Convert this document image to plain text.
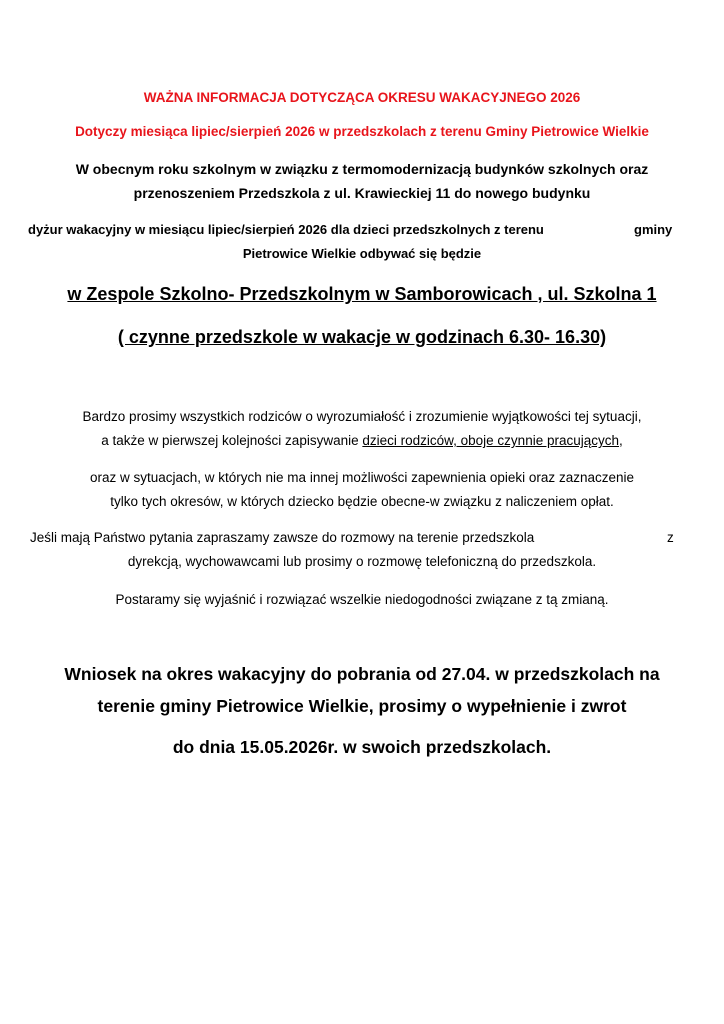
WAŻNA INFORMACJA DOTYCZĄCA OKRESU WAKACYJNEGO 2026
Dotyczy miesiąca lipiec/sierpień 2026 w przedszkolach z terenu Gminy Pietrowice Wielkie
W obecnym roku szkolnym w związku z termomodernizacją budynków szkolnych oraz
przenoszeniem Przedszkola z ul. Krawieckiej 11 do nowego budynku
dyżur wakacyjny w miesiącu lipiec/sierpień 2026 dla dzieci przedszkolnych z terenu	gminy
Pietrowice Wielkie odbywać się będzie
w Zespole Szkolno- Przedszkolnym w Samborowicach , ul. Szkolna 1
( czynne przedszkole w wakacje w godzinach 6.30- 16.30)
Bardzo prosimy wszystkich rodziców o wyrozumiałość i zrozumienie wyjątkowości tej sytuacji,
a także w pierwszej kolejności zapisywanie dzieci rodziców, oboje czynnie pracujących,
oraz w sytuacjach, w których nie ma innej możliwości zapewnienia opieki oraz zaznaczenie
tylko tych okresów, w których dziecko będzie obecne-w związku z naliczeniem opłat.
Jeśli mają Państwo pytania zapraszamy zawsze do rozmowy na terenie przedszkola	z
dyrekcją, wychowawcami lub prosimy o rozmowę telefoniczną do przedszkola.
Postaramy się wyjaśnić i rozwiązać wszelkie niedogodności związane z tą zmianą.
Wniosek na okres wakacyjny do pobrania od 27.04. w przedszkolach na
terenie gminy Pietrowice Wielkie, prosimy o wypełnienie i zwrot
do dnia 15.05.2026r. w swoich przedszkolach.
